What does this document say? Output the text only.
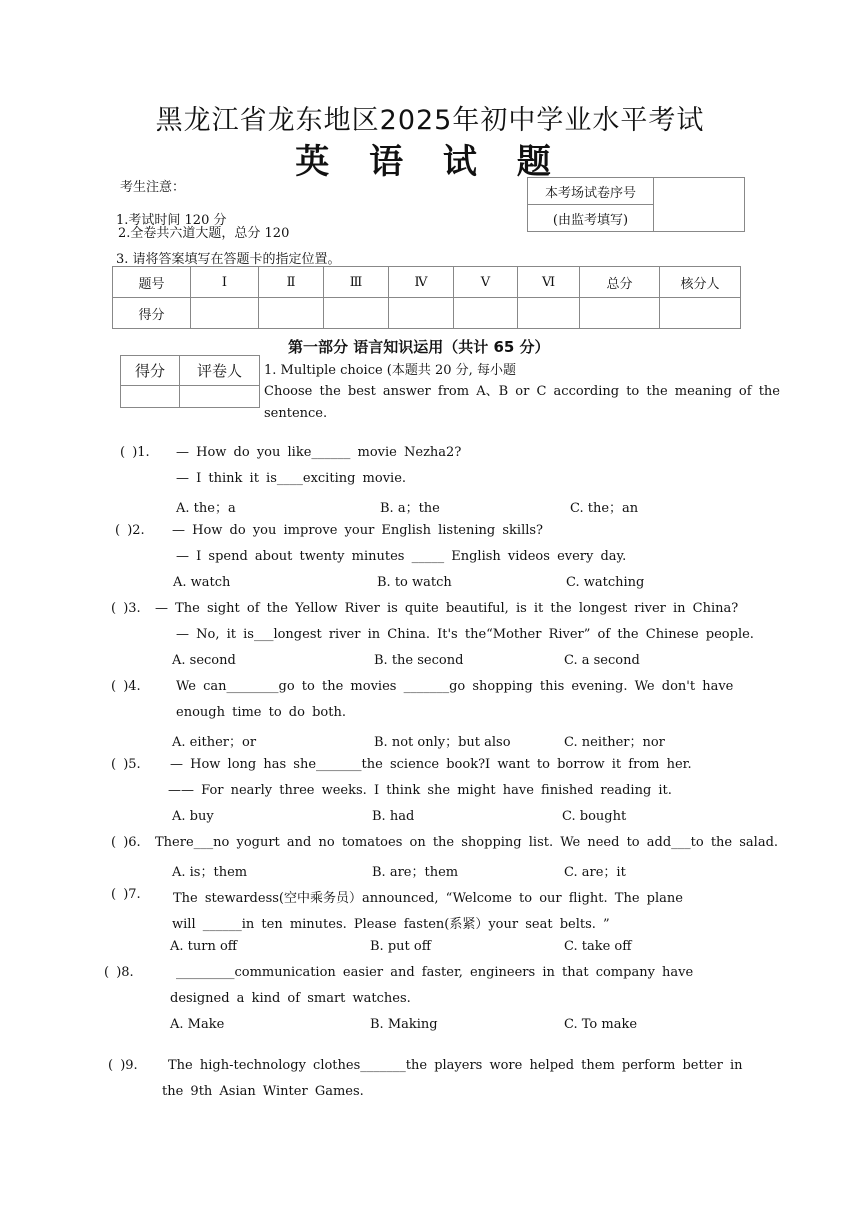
黑龙江省龙东地区2025年初中学业水平考试
英 语 试 题
考生注意：
1.考试时间 120 分
2.全卷共六道大题，总分 120
3. 请将答案填写在答题卡的指定位置。
本考场试卷序号	
(由监考填写)
题号	Ⅰ	Ⅱ	Ⅲ	Ⅳ	Ⅴ	Ⅵ	总分	核分人
得分								
第一部分 语言知识运用（共计 65 分）
得分	评卷人
	1. Multiple choice (本题共 20 分, 每小题
Choose the best answer from A、B or C according to the meaning of the
sentence.
( )1. — How do you like______ movie Nezha2?
— I think it is____exciting movie.
A. the；a	B. a；the	C. the；an
( )2. — How do you improve your English listening skills?
— I spend about twenty minutes _____ English videos every day.
A. watch	B. to watch	C. watching
( )3. — The sight of the Yellow River is quite beautiful, is it the longest river in China?
— No, it is___longest river in China. It's the“Mother River” of the Chinese people.
A. second	B. the second	C. a second
( )4.	We can________go to the movies _______go shopping this evening. We don't have
enough time to do both.
A. either；or	B. not only；but also	C. neither；nor
( )5. — How long has she_______the science book?I want to borrow it from her.
—— For nearly three weeks. I think she might have finished reading it.
A. buy	B. had	C. bought
( )6. There___no yogurt and no tomatoes on the shopping list. We need to add___to the salad.
A. is；them	B. are；them	C. are；it
( )7. The stewardess(空中乘务员）announced, “Welcome to our flight. The plane
will ______in ten minutes. Please fasten(系紧）your seat belts. ”
A. turn off	B. put off	C. take off
( )8.	_________communication easier and faster, engineers in that company have
designed a kind of smart watches.
A. Make	B. Making	C. To make
( )9. The high-technology clothes_______the players wore helped them perform better in
the 9th Asian Winter Games.
